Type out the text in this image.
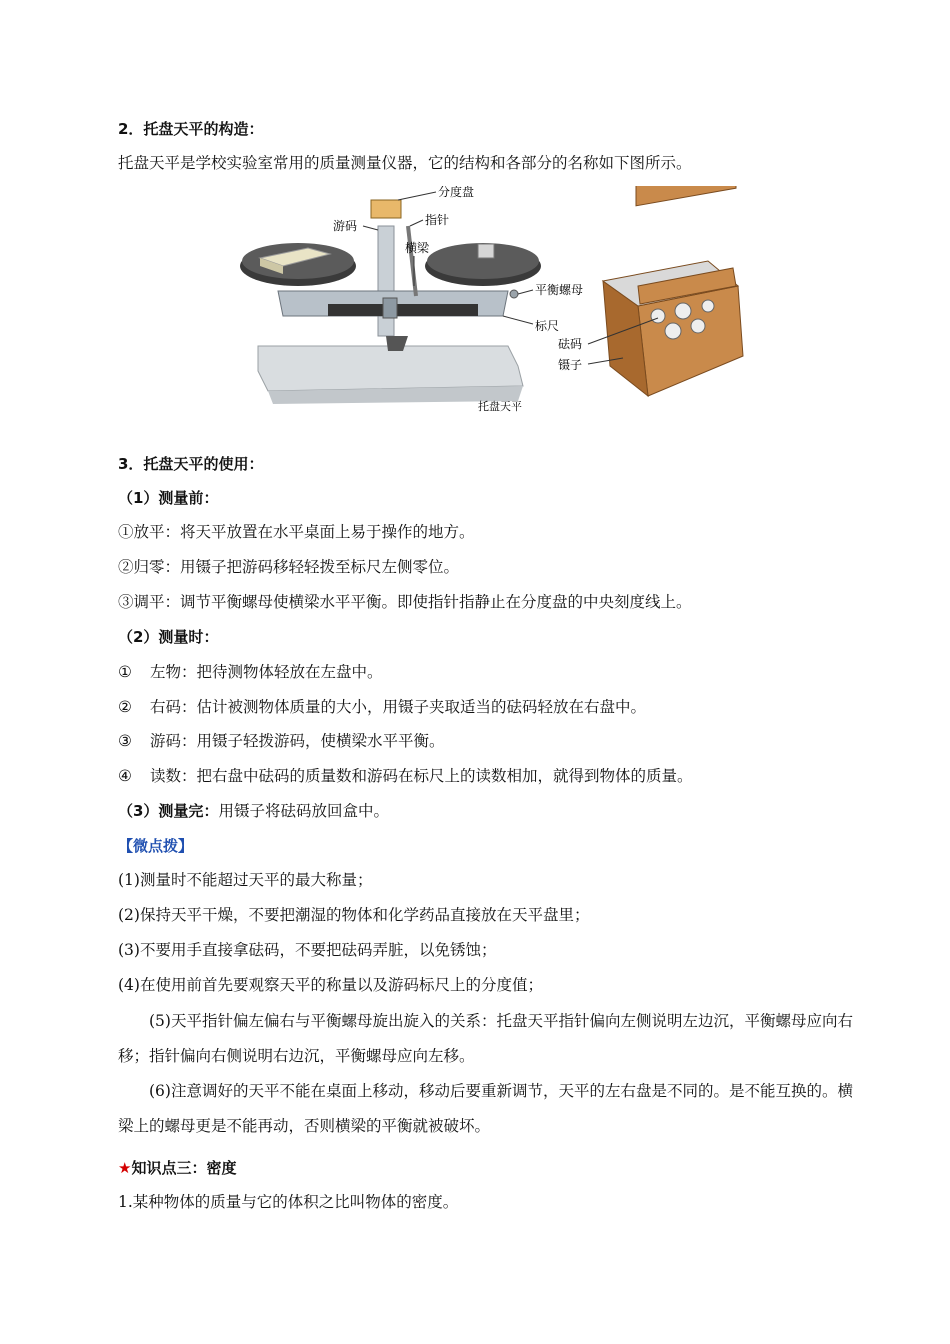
2．托盘天平的构造：
托盘天平是学校实验室常用的质量测量仪器，它的结构和各部分的名称如下图所示。
分度盘
游码	指针
横梁
平衡螺母
标尺
砝码
镊子
托盘天平
3．托盘天平的使用：
（1）测量前：
①放平：将天平放置在水平桌面上易于操作的地方。
②归零：用镊子把游码移轻轻拨至标尺左侧零位。
③调平：调节平衡螺母使横梁水平平衡。即使指针指静止在分度盘的中央刻度线上。
（2）测量时：
① 左物：把待测物体轻放在左盘中。
② 右码：估计被测物体质量的大小，用镊子夹取适当的砝码轻放在右盘中。
③ 游码：用镊子轻拨游码，使横梁水平平衡。
④ 读数：把右盘中砝码的质量数和游码在标尺上的读数相加，就得到物体的质量。
（3）测量完：用镊子将砝码放回盒中。
【微点拨】
(1)测量时不能超过天平的最大称量；
(2)保持天平干燥，不要把潮湿的物体和化学药品直接放在天平盘里；
(3)不要用手直接拿砝码，不要把砝码弄脏，以免锈蚀；
(4)在使用前首先要观察天平的称量以及游码标尺上的分度值；
(5)天平指针偏左偏右与平衡螺母旋出旋入的关系：托盘天平指针偏向左侧说明左边沉，平衡螺母应向右移；指针偏向右侧说明右边沉，平衡螺母应向左移。
(6)注意调好的天平不能在桌面上移动，移动后要重新调节，天平的左右盘是不同的。是不能互换的。横梁上的螺母更是不能再动，否则横梁的平衡就被破坏。
★知识点三：密度
1.某种物体的质量与它的体积之比叫物体的密度。
